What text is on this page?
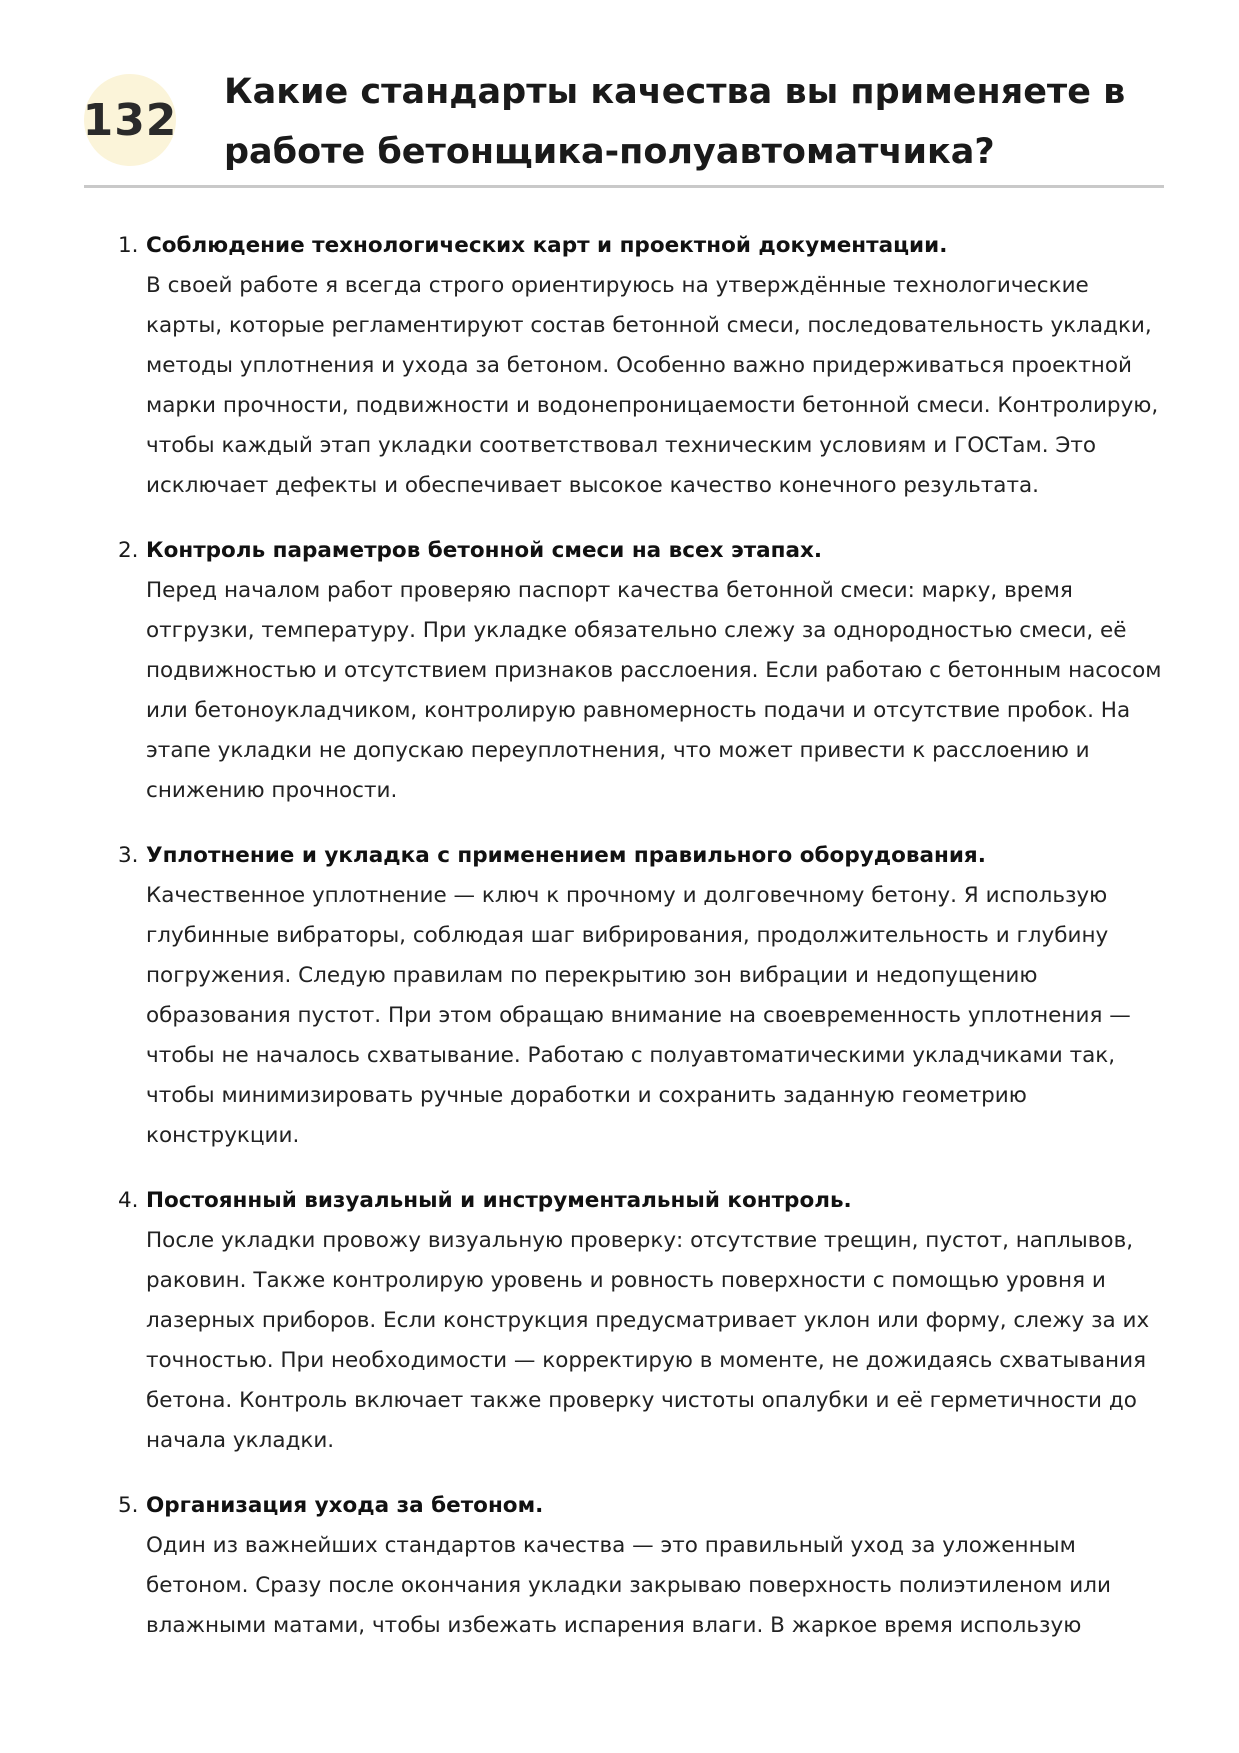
132
Какие стандарты качества вы применяете в работе бетонщика-полуавтоматчика?
1. Соблюдение технологических карт и проектной документации.

В своей работе я всегда строго ориентируюсь на утверждённые технологические карты, которые регламентируют состав бетонной смеси, последовательность укладки, методы уплотнения и ухода за бетоном. Особенно важно придерживаться проектной марки прочности, подвижности и водонепроницаемости бетонной смеси. Контролирую, чтобы каждый этап укладки соответствовал техническим условиям и ГОСТам. Это исключает дефекты и обеспечивает высокое качество конечного результата.

2. Контроль параметров бетонной смеси на всех этапах.

Перед началом работ проверяю паспорт качества бетонной смеси: марку, время отгрузки, температуру. При укладке обязательно слежу за однородностью смеси, её подвижностью и отсутствием признаков расслоения. Если работаю с бетонным насосом или бетоноукладчиком, контролирую равномерность подачи и отсутствие пробок. На этапе укладки не допускаю переуплотнения, что может привести к расслоению и снижению прочности.

3. Уплотнение и укладка с применением правильного оборудования.

Качественное уплотнение — ключ к прочному и долговечному бетону. Я использую глубинные вибраторы, соблюдая шаг вибрирования, продолжительность и глубину погружения. Следую правилам по перекрытию зон вибрации и недопущению образования пустот. При этом обращаю внимание на своевременность уплотнения — чтобы не началось схватывание. Работаю с полуавтоматическими укладчиками так, чтобы минимизировать ручные доработки и сохранить заданную геометрию конструкции.

4. Постоянный визуальный и инструментальный контроль.

После укладки провожу визуальную проверку: отсутствие трещин, пустот, наплывов, раковин. Также контролирую уровень и ровность поверхности с помощью уровня и лазерных приборов. Если конструкция предусматривает уклон или форму, слежу за их точностью. При необходимости — корректирую в моменте, не дожидаясь схватывания бетона. Контроль включает также проверку чистоты опалубки и её герметичности до начала укладки.

5. Организация ухода за бетоном.

Один из важнейших стандартов качества — это правильный уход за уложенным бетоном. Сразу после окончания укладки закрываю поверхность полиэтиленом или влажными матами, чтобы избежать испарения влаги. В жаркое время использую
